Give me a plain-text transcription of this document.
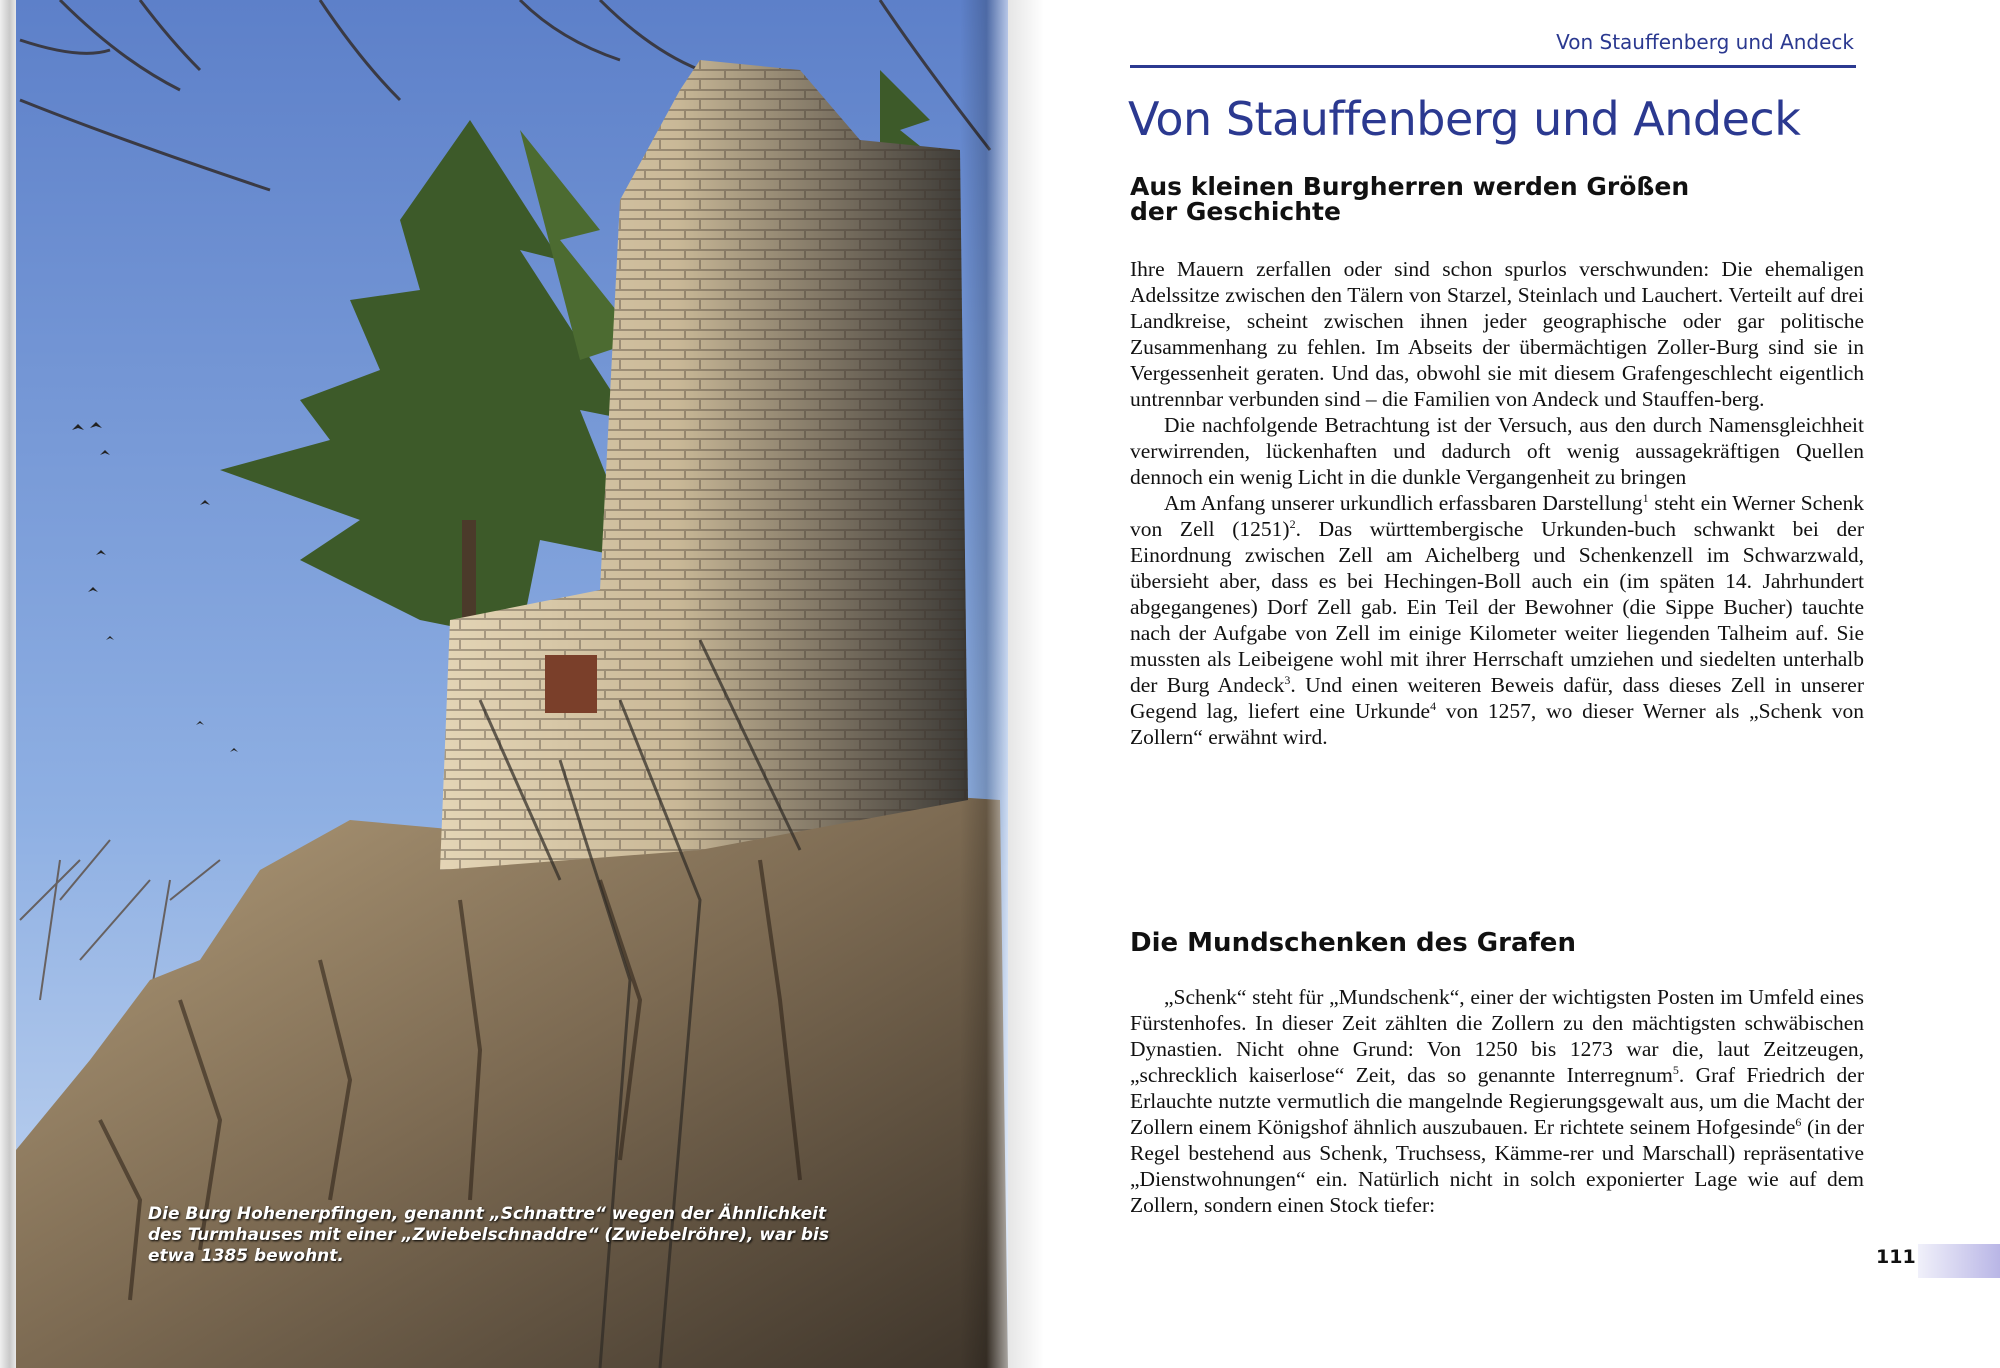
Die Burg Hohenerpfingen, genannt „Schnattre“ wegen der Ähnlichkeit des Turmhauses mit einer „Zwiebelschnaddre“ (Zwiebelröhre), war bis etwa 1385 bewohnt.
Von Stauffenberg und Andeck
Von Stauffenberg und Andeck
Aus kleinen Burgherren werden Größen
der Geschichte

Ihre Mauern zerfallen oder sind schon spurlos verschwunden: Die ehemaligen Adelssitze zwischen den Tälern von Starzel, Steinlach und Lauchert. Verteilt auf drei Landkreise, scheint zwischen ihnen jeder geographische oder gar politische Zusammenhang zu fehlen. Im Abseits der übermächtigen Zoller-Burg sind sie in Vergessenheit geraten. Und das, obwohl sie mit diesem Grafengeschlecht eigentlich untrennbar verbunden sind – die Familien von Andeck und Stauffen-berg.

Die nachfolgende Betrachtung ist der Versuch, aus den durch Namensgleichheit verwirrenden, lückenhaften und dadurch oft wenig aussagekräftigen Quellen dennoch ein wenig Licht in die dunkle Vergangenheit zu bringen

Am Anfang unserer urkundlich erfassbaren Darstellung$^1$ steht ein Werner Schenk von Zell $(1251)^2$. Das württembergische Urkunden-buch schwankt bei der Einordnung zwischen Zell am Aichelberg und Schenkenzell im Schwarzwald, übersieht aber, dass es bei Hechingen-Boll auch ein (im späten 14. Jahrhundert abgegangenes) Dorf Zell gab. Ein Teil der Bewohner (die Sippe Bucher) tauchte nach der Aufgabe von Zell im einige Kilometer weiter liegenden Talheim auf. Sie mussten als Leibeigene wohl mit ihrer Herrschaft umziehen und siedelten unterhalb der Burg Andeck$^3$. Und einen weiteren Beweis dafür, dass dieses Zell in unserer Gegend lag, liefert eine Urkunde$^4$ von 1257, wo dieser Werner als „Schenk von Zollern“ erwähnt wird.

Die Mundschenken des Grafen

„Schenk“ steht für „Mundschenk“, einer der wichtigsten Posten im Umfeld eines Fürstenhofes. In dieser Zeit zählten die Zollern zu den mächtigsten schwäbischen Dynastien. Nicht ohne Grund: Von 1250 bis 1273 war die, laut Zeitzeugen, „schrecklich kaiserlose“ Zeit, das so genannte Interregnum$^5$. Graf Friedrich der Erlauchte nutzte vermutlich die mangelnde Regierungsgewalt aus, um die Macht der Zollern einem Königshof ähnlich auszubauen. Er richtete seinem Hofgesinde$^6$ (in der Regel bestehend aus Schenk, Truchsess, Kämme-rer und Marschall) repräsentative „Dienstwohnungen“ ein. Natürlich nicht in solch exponierter Lage wie auf dem Zollern, sondern einen Stock tiefer:

111
